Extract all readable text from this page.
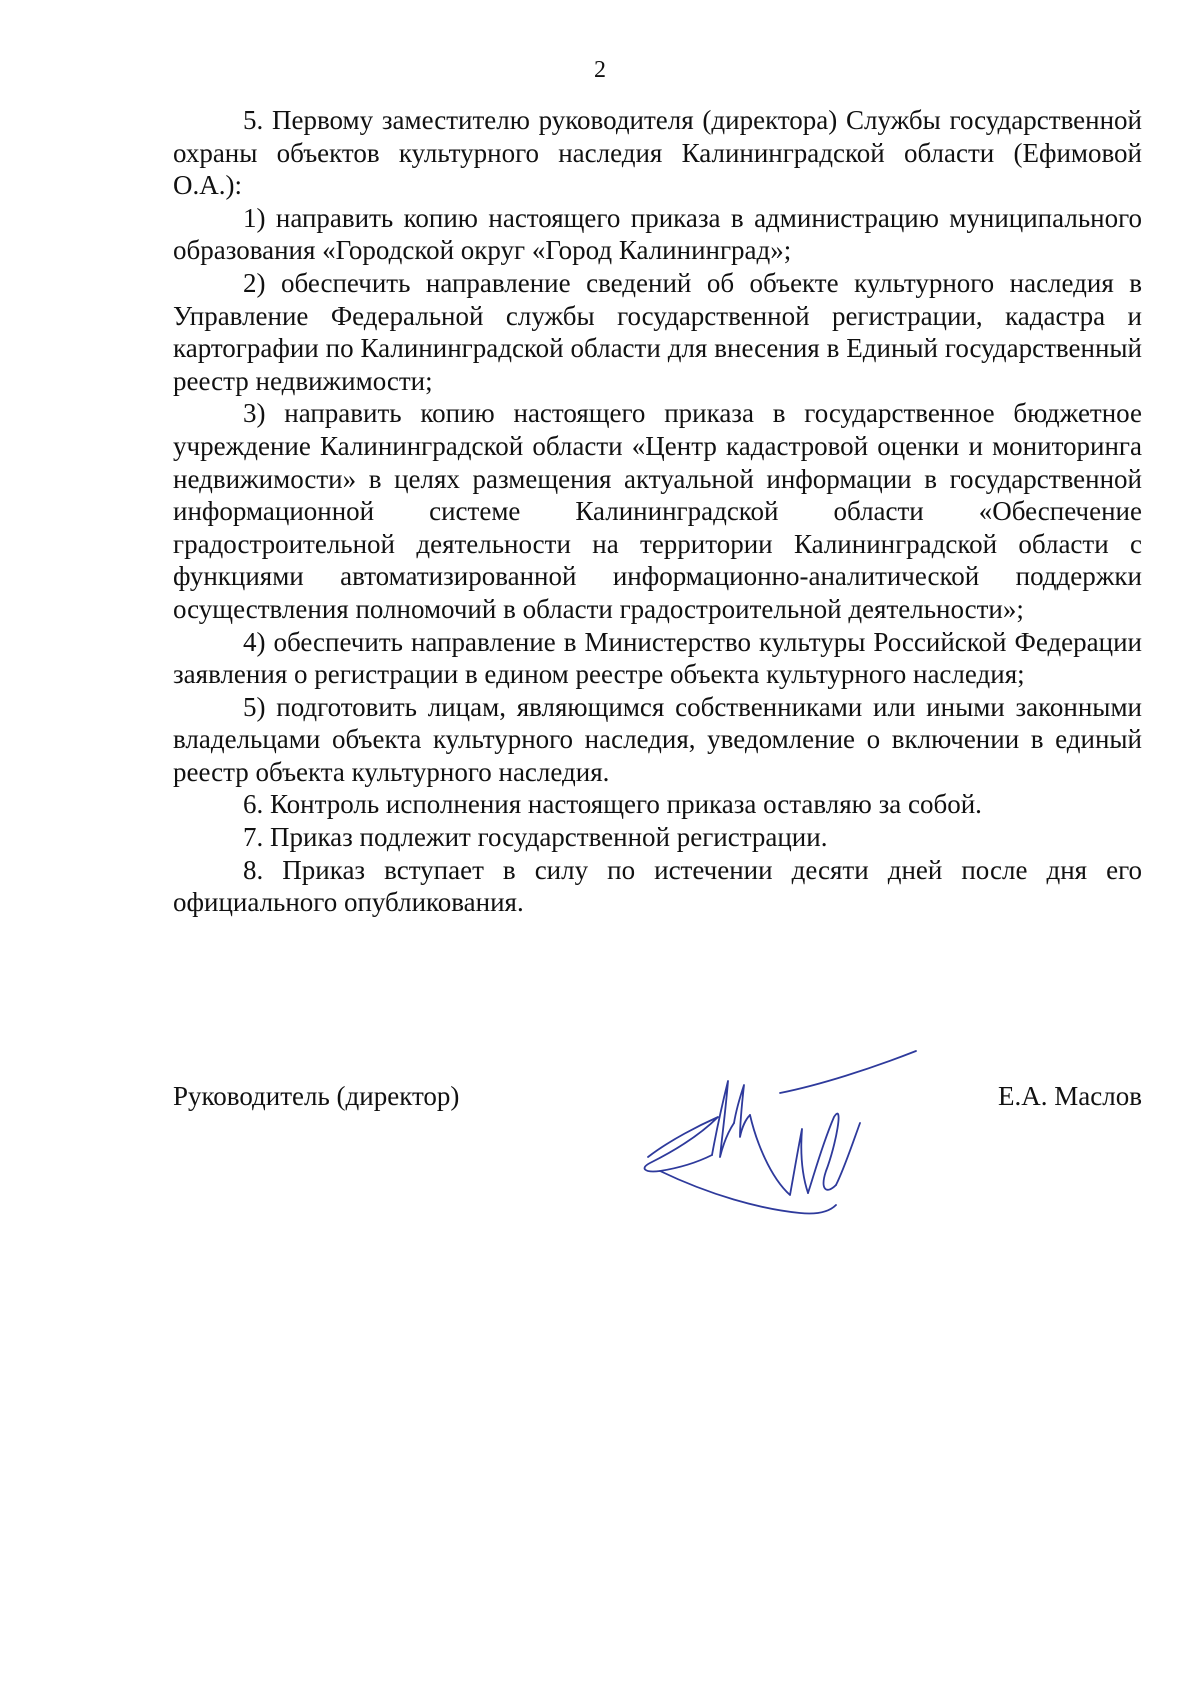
2

5. Первому заместителю руководителя (директора) Службы государственной охраны объектов культурного наследия Калининградской области (Ефимовой О.А.):

1) направить копию настоящего приказа в администрацию муниципального образования «Городской округ «Город Калининград»;

2) обеспечить направление сведений об объекте культурного наследия в Управление Федеральной службы государственной регистрации, кадастра и картографии по Калининградской области для внесения в Единый государственный реестр недвижимости;

3) направить копию настоящего приказа в государственное бюджетное учреждение Калининградской области «Центр кадастровой оценки и мониторинга недвижимости» в целях размещения актуальной информации в государственной информационной системе Калининградской области «Обеспечение градостроительной деятельности на территории Калининградской области с функциями автоматизированной информационно-аналитической поддержки осуществления полномочий в области градостроительной деятельности»;

4) обеспечить направление в Министерство культуры Российской Федерации заявления о регистрации в едином реестре объекта культурного наследия;

5) подготовить лицам, являющимся собственниками или иными законными владельцами объекта культурного наследия, уведомление о включении в единый реестр объекта культурного наследия.

6. Контроль исполнения настоящего приказа оставляю за собой.

7. Приказ подлежит государственной регистрации.

8. Приказ вступает в силу по истечении десяти дней после дня его официального опубликования.

Руководитель (директор)	Е.А. Маслов
